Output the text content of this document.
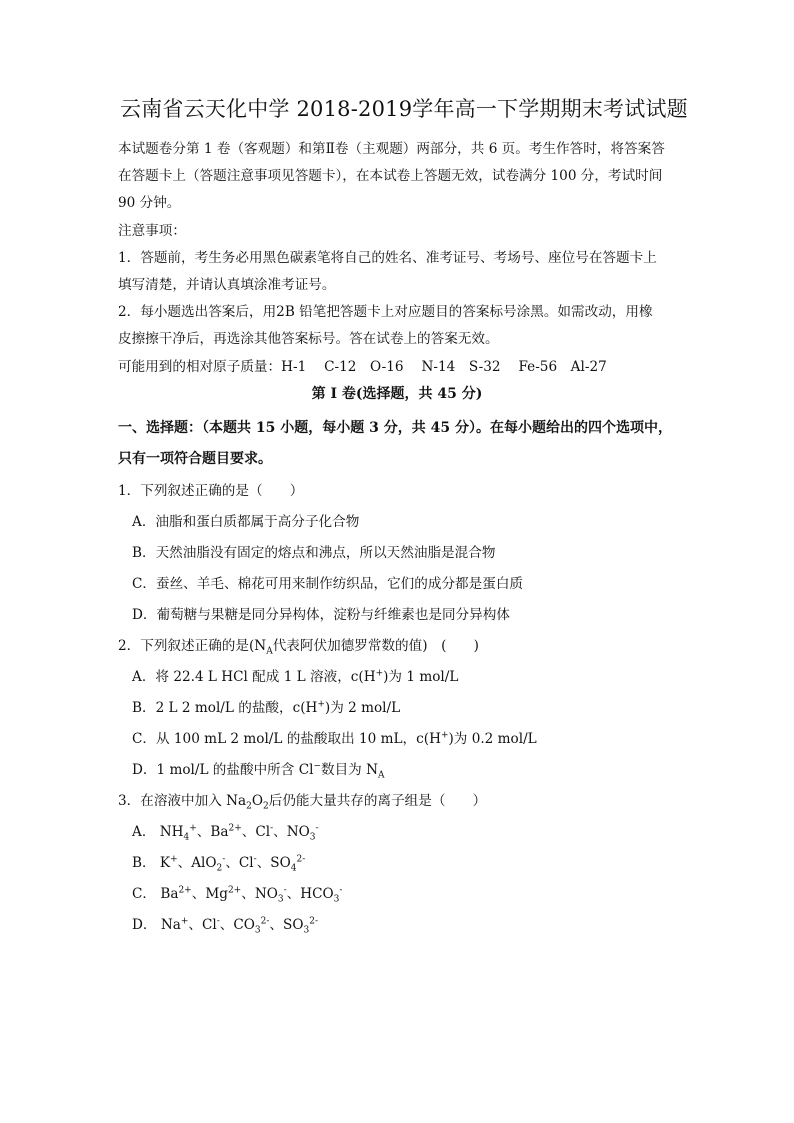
云南省云天化中学 2018-2019学年高一下学期期末考试试题
本试题卷分第 1 卷（客观题）和第Ⅱ卷（主观题）两部分，共 6 页。考生作答时，将答案答
在答题卡上（答题注意事项见答题卡），在本试卷上答题无效，试卷满分 100 分，考试时间
90 分钟。
注意事项：
1．答题前，考生务必用黑色碳素笔将自己的姓名、准考证号、考场号、座位号在答题卡上
填写清楚，并请认真填涂准考证号。
2．每小题选出答案后，用2B 铅笔把答题卡上对应题目的答案标号涂黑。如需改动，用橡
皮擦擦干净后，再选涂其他答案标号。答在试卷上的答案无效。
可能用到的相对原子质量：H-1　 C-12　O-16　 N-14　S-32　 Fe-56　Al-27
第 I 卷(选择题，共 45 分)
一、选择题：（本题共 15 小题，每小题 3 分，共 45 分）。在每小题给出的四个选项中，
只有一项符合题目要求。
1．下列叙述正确的是（　　）
A．油脂和蛋白质都属于高分子化合物
B．天然油脂没有固定的熔点和沸点，所以天然油脂是混合物
C．蚕丝、羊毛、棉花可用来制作纺织品，它们的成分都是蛋白质
D．葡萄糖与果糖是同分异构体，淀粉与纤维素也是同分异构体
2．下列叙述正确的是($N_A$代表阿伏加德罗常数的值)　(　　)
A．将 22.4 L HCl 配成 1 L 溶液，c(H+)为 1 mol/L
B．2 L 2 mol/L 的盐酸，c(H+)为 2 mol/L
C．从 100 mL 2 mol/L 的盐酸取出 10 mL，c(H+)为 0.2 mol/L
D．1 mol/L 的盐酸中所含 Cl−数目为 $N_A$
3．在溶液中加入 $Na_2O_2$后仍能大量共存的离子组是（　　）
A． $NH_4^+$、$Ba^{2+}$、Cl-、$NO_3^-$
B． K+、AlO$_2$-、Cl-、$SO_4^{2-}$
C． $Ba^{2+}$、$Mg^{2+}$、$NO_3^-$、$HCO_3^-$
D． Na+、Cl-、$CO_3^{2-}$、$SO_3^{2-}$
